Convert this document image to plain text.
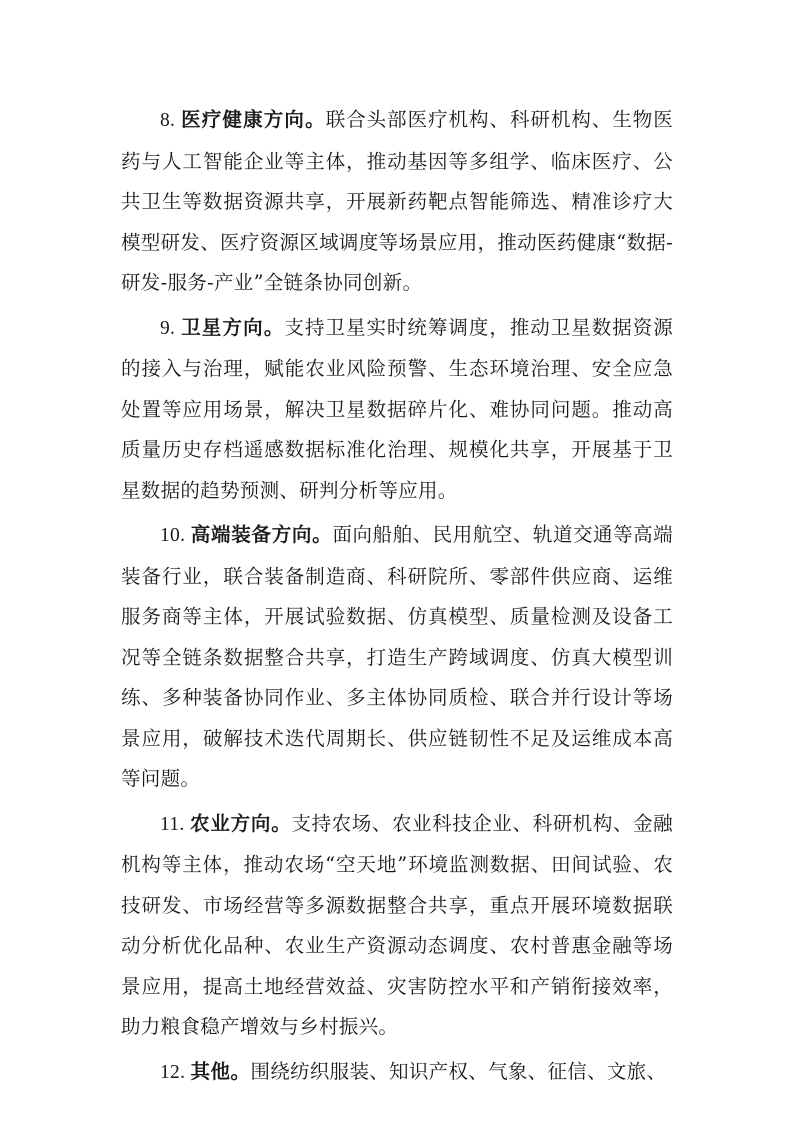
8. 医疗健康方向。联合头部医疗机构、科研机构、生物医药与人工智能企业等主体，推动基因等多组学、临床医疗、公共卫生等数据资源共享，开展新药靶点智能筛选、精准诊疗大模型研发、医疗资源区域调度等场景应用，推动医药健康“数据-研发-服务-产业”全链条协同创新。

9. 卫星方向。支持卫星实时统筹调度，推动卫星数据资源的接入与治理，赋能农业风险预警、生态环境治理、安全应急处置等应用场景，解决卫星数据碎片化、难协同问题。推动高质量历史存档遥感数据标准化治理、规模化共享，开展基于卫星数据的趋势预测、研判分析等应用。

10. 高端装备方向。面向船舶、民用航空、轨道交通等高端装备行业，联合装备制造商、科研院所、零部件供应商、运维服务商等主体，开展试验数据、仿真模型、质量检测及设备工况等全链条数据整合共享，打造生产跨域调度、仿真大模型训练、多种装备协同作业、多主体协同质检、联合并行设计等场景应用，破解技术迭代周期长、供应链韧性不足及运维成本高等问题。

11. 农业方向。支持农场、农业科技企业、科研机构、金融机构等主体，推动农场“空天地”环境监测数据、田间试验、农技研发、市场经营等多源数据整合共享，重点开展环境数据联动分析优化品种、农业生产资源动态调度、农村普惠金融等场景应用，提高土地经营效益、灾害防控水平和产销衔接效率，助力粮食稳产增效与乡村振兴。

12. 其他。围绕纺织服装、知识产权、气象、征信、文旅、
